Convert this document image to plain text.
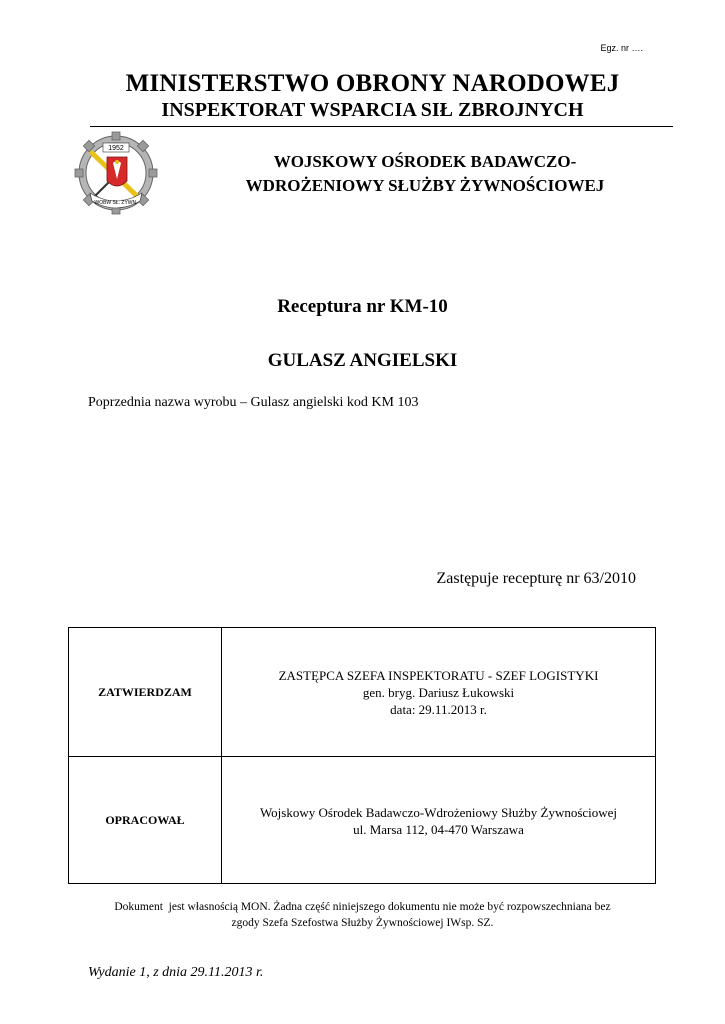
Egz. nr ….
MINISTERSTWO OBRONY NARODOWEJ
INSPEKTORAT WSPARCIA SIŁ ZBROJNYCH
1952
WOBW SŁ. ŻYWN.
WOJSKOWY OŚRODEK BADAWCZO-
WDROŻENIOWY SŁUŻBY ŻYWNOŚCIOWEJ
Receptura nr KM-10
GULASZ ANGIELSKI
Poprzednia nazwa wyrobu – Gulasz angielski kod KM 103
Zastępuje recepturę nr 63/2010
ZATWIERDZAM
ZASTĘPCA SZEFA INSPEKTORATU - SZEF LOGISTYKI
gen. bryg. Dariusz Łukowski
data: 29.11.2013 r.
OPRACOWAŁ
Wojskowy Ośrodek Badawczo-Wdrożeniowy Służby Żywnościowej
ul. Marsa 112, 04-470 Warszawa
Dokument  jest własnością MON. Żadna część niniejszego dokumentu nie może być rozpowszechniana bez
zgody Szefa Szefostwa Służby Żywnościowej IWsp. SZ.
Wydanie 1, z dnia 29.11.2013 r.
